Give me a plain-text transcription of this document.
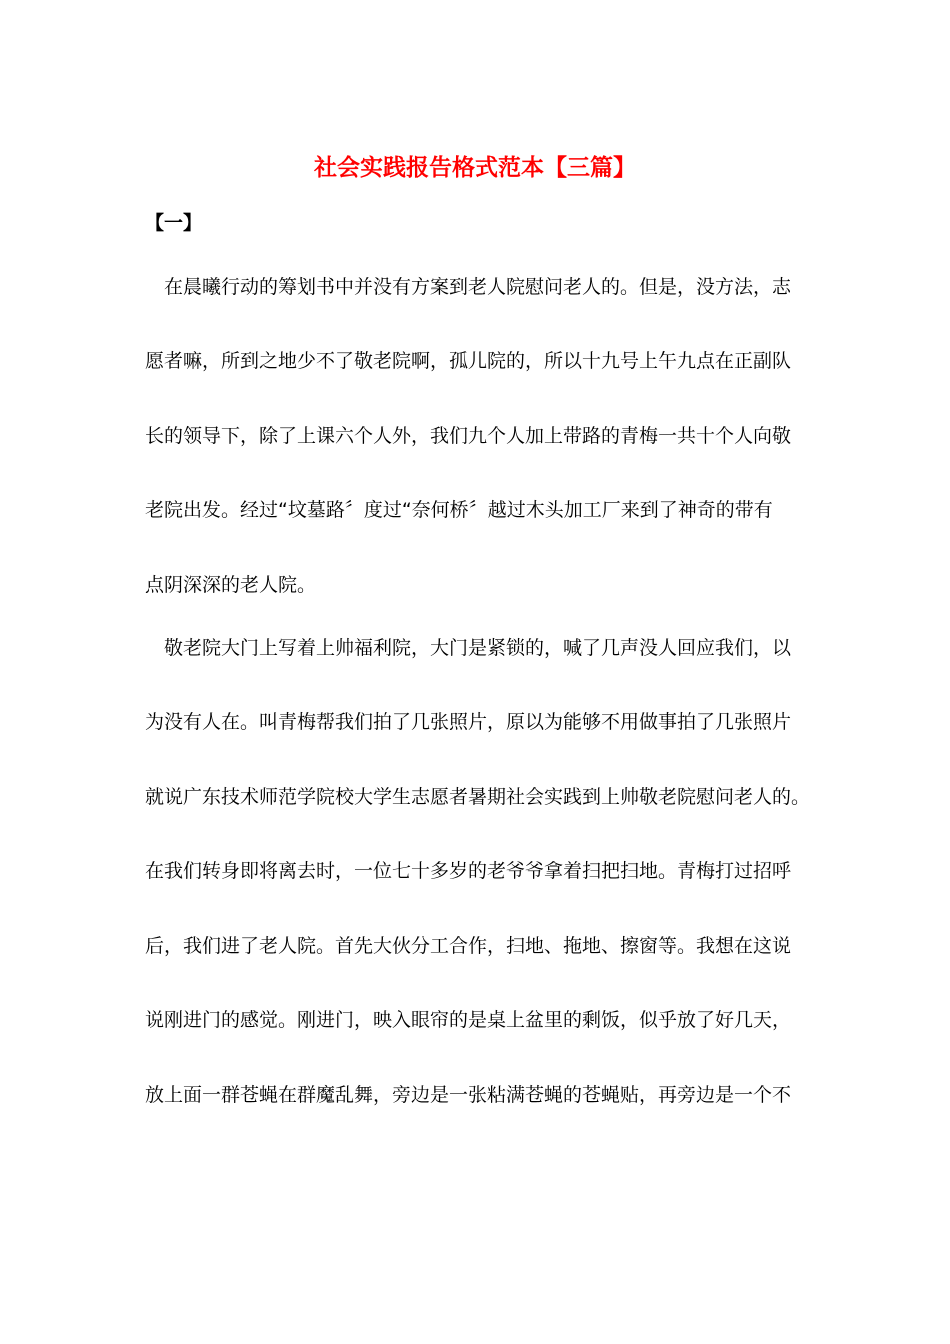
社会实践报告格式范本【三篇】
【一】
　在晨曦行动的筹划书中并没有方案到老人院慰问老人的。但是，没方法，志
愿者嘛，所到之地少不了敬老院啊，孤儿院的，所以十九号上午九点在正副队
长的领导下，除了上课六个人外，我们九个人加上带路的青梅一共十个人向敬
老院出发。经过“坟墓路〞度过“奈何桥〞越过木头加工厂来到了神奇的带有
点阴深深的老人院。
　敬老院大门上写着上帅福利院，大门是紧锁的，喊了几声没人回应我们，以
为没有人在。叫青梅帮我们拍了几张照片，原以为能够不用做事拍了几张照片
就说广东技术师范学院校大学生志愿者暑期社会实践到上帅敬老院慰问老人的。
在我们转身即将离去时，一位七十多岁的老爷爷拿着扫把扫地。青梅打过招呼
后，我们进了老人院。首先大伙分工合作，扫地、拖地、擦窗等。我想在这说
说刚进门的感觉。刚进门，映入眼帘的是桌上盆里的剩饭，似乎放了好几天，
放上面一群苍蝇在群魔乱舞，旁边是一张粘满苍蝇的苍蝇贴，再旁边是一个不
